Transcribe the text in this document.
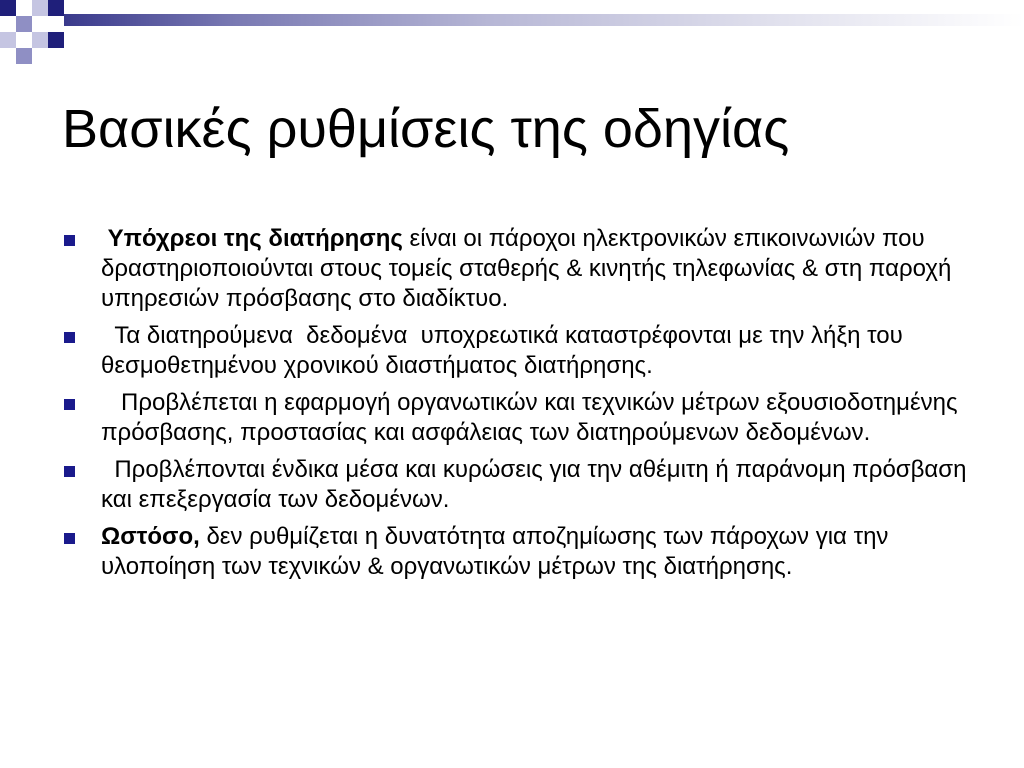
Βασικές ρυθμίσεις της οδηγίας
Υπόχρεοι της διατήρησης είναι οι πάροχοι ηλεκτρονικών επικοινωνιών που δραστηριοποιούνται στους τομείς σταθερής & κινητής τηλεφωνίας & στη παροχή υπηρεσιών πρόσβασης στο διαδίκτυο.
Τα διατηρούμενα  δεδομένα  υποχρεωτικά καταστρέφονται με την λήξη του θεσμοθετημένου χρονικού διαστήματος διατήρησης.
Προβλέπεται η εφαρμογή οργανωτικών και τεχνικών μέτρων εξουσιοδοτημένης πρόσβασης, προστασίας και ασφάλειας των διατηρούμενων δεδομένων.
Προβλέπονται ένδικα μέσα και κυρώσεις για την αθέμιτη ή παράνομη πρόσβαση και επεξεργασία των δεδομένων.
Ωστόσο, δεν ρυθμίζεται η δυνατότητα αποζημίωσης των πάροχων για την υλοποίηση των τεχνικών & οργανωτικών μέτρων της διατήρησης.
